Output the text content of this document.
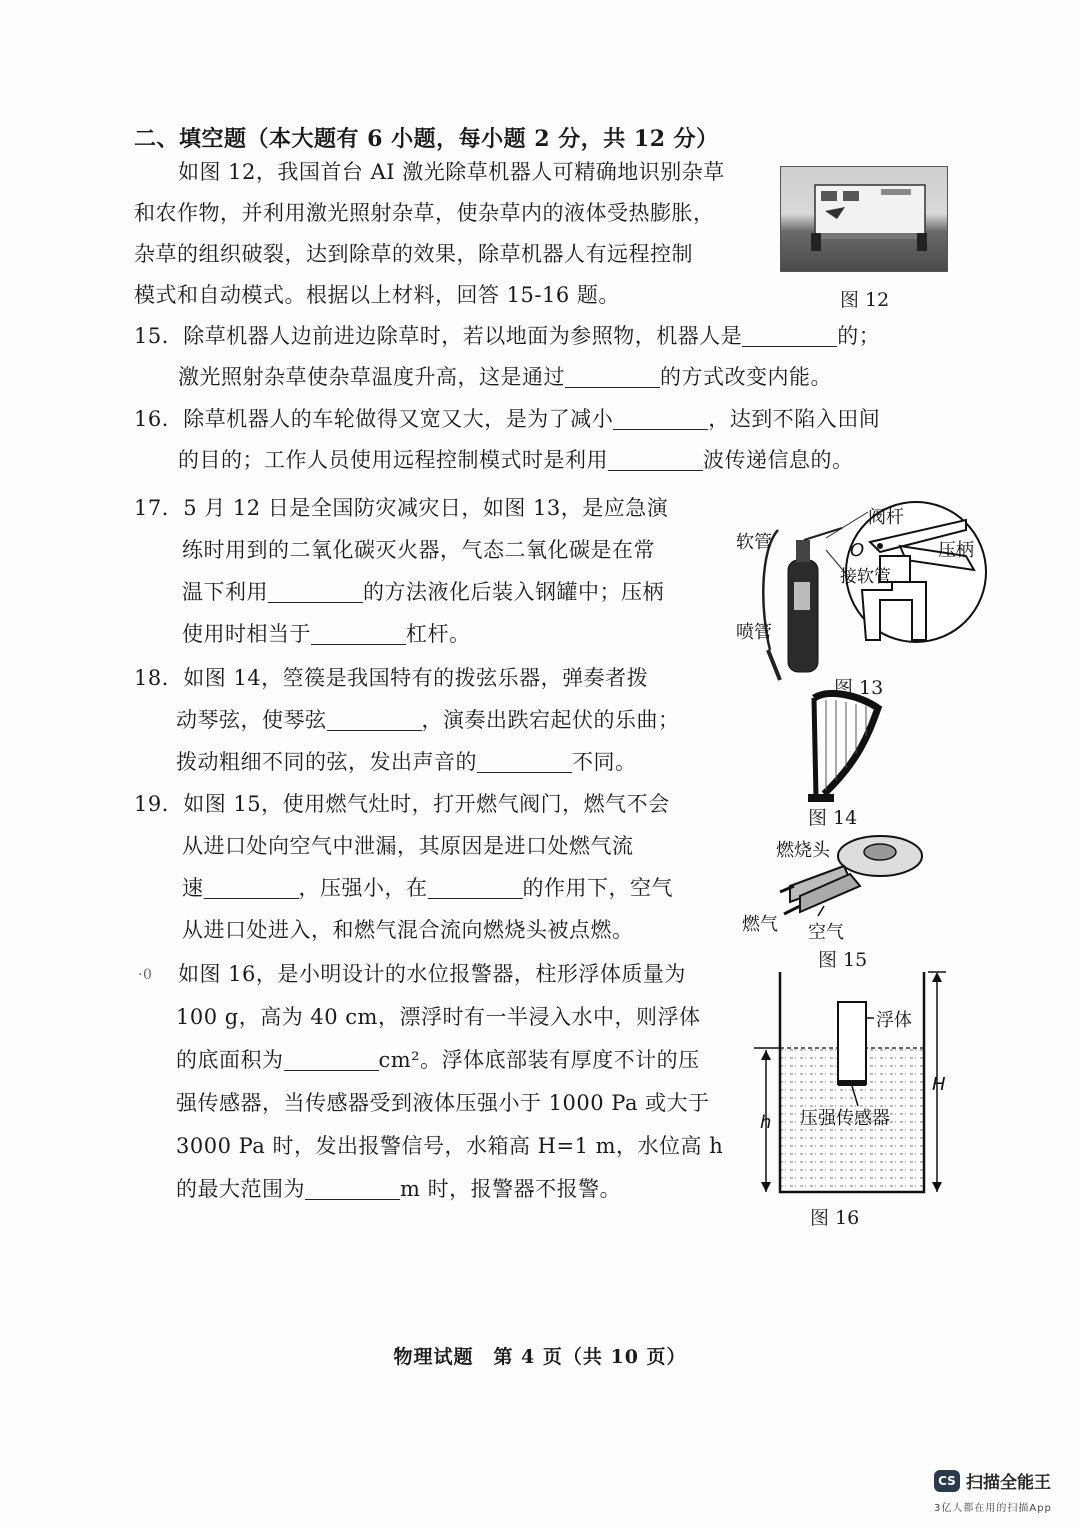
二、填空题（本大题有 6 小题，每小题 2 分，共 12 分）
如图 12，我国首台 AI 激光除草机器人可精确地识别杂草
和农作物，并利用激光照射杂草，使杂草内的液体受热膨胀，
杂草的组织破裂，达到除草的效果，除草机器人有远程控制
模式和自动模式。根据以上材料，回答 15-16 题。	图 12
15．除草机器人边前进边除草时，若以地面为参照物，机器人是	的；
激光照射杂草使杂草温度升高，这是通过	的方式改变内能。
16．除草机器人的车轮做得又宽又大，是为了减小	，达到不陷入田间
的目的；工作人员使用远程控制模式时是利用	波传递信息的。
17．5 月 12 日是全国防灾减灾日，如图 13，是应急演
练时用到的二氧化碳灭火器，气态二氧化碳是在常
温下利用	的方法液化后装入钢罐中；压柄
使用时相当于	杠杆。
阀杆
软管	O	压柄
接软管
喷管
图 13
18．如图 14，箜篌是我国特有的拨弦乐器，弹奏者拨
动琴弦，使琴弦	，演奏出跌宕起伏的乐曲；
拨动粗细不同的弦，发出声音的	不同。
图 14
19．如图 15，使用燃气灶时，打开燃气阀门，燃气不会
从进口处向空气中泄漏，其原因是进口处燃气流
速	，压强小，在	的作用下，空气
从进口处进入，和燃气混合流向燃烧头被点燃。
燃烧头
燃气 空气
图 15
·0 如图 16，是小明设计的水位报警器，柱形浮体质量为
100 g，高为 40 cm，漂浮时有一半浸入水中，则浮体
的底面积为	cm²。浮体底部装有厚度不计的压
强传感器，当传感器受到液体压强小于 1000 Pa 或大于
3000 Pa 时，发出报警信号，水箱高 H=1 m，水位高 h
的最大范围为	m 时，报警器不报警。
浮体
压强传感器
H
h
图 16
物理试题　第 4 页（共 10 页）
CS 扫描全能王
3亿人都在用的扫描App
